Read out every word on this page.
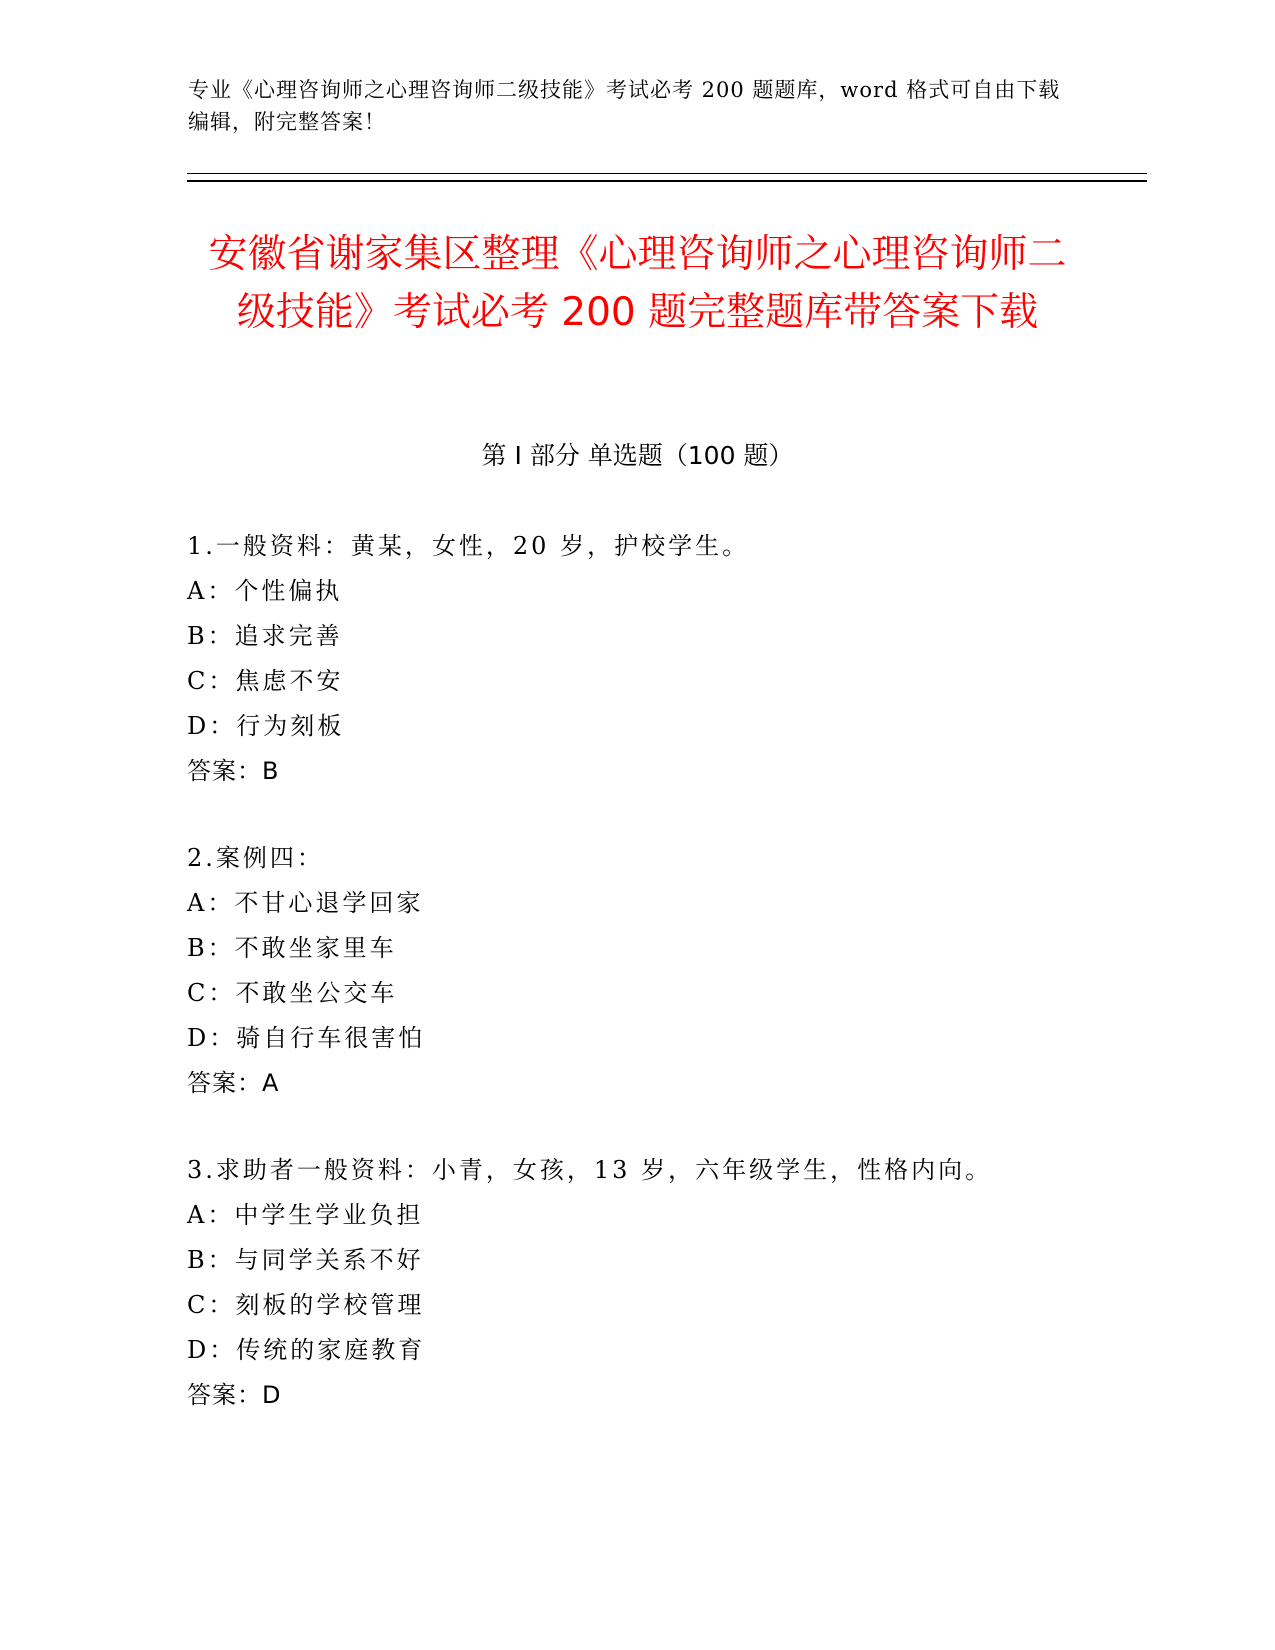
专业《心理咨询师之心理咨询师二级技能》考试必考 200 题题库，word 格式可自由下载编辑，附完整答案！
安徽省谢家集区整理《心理咨询师之心理咨询师二级技能》考试必考 200 题完整题库带答案下载
第 I 部分 单选题（100 题）
1.一般资料：黄某，女性，20 岁，护校学生。
A：个性偏执
B：追求完善
C：焦虑不安
D：行为刻板
答案：B
2.案例四：
A：不甘心退学回家
B：不敢坐家里车
C：不敢坐公交车
D：骑自行车很害怕
答案：A
3.求助者一般资料：小青，女孩，13 岁，六年级学生，性格内向。
A：中学生学业负担
B：与同学关系不好
C：刻板的学校管理
D：传统的家庭教育
答案：D
